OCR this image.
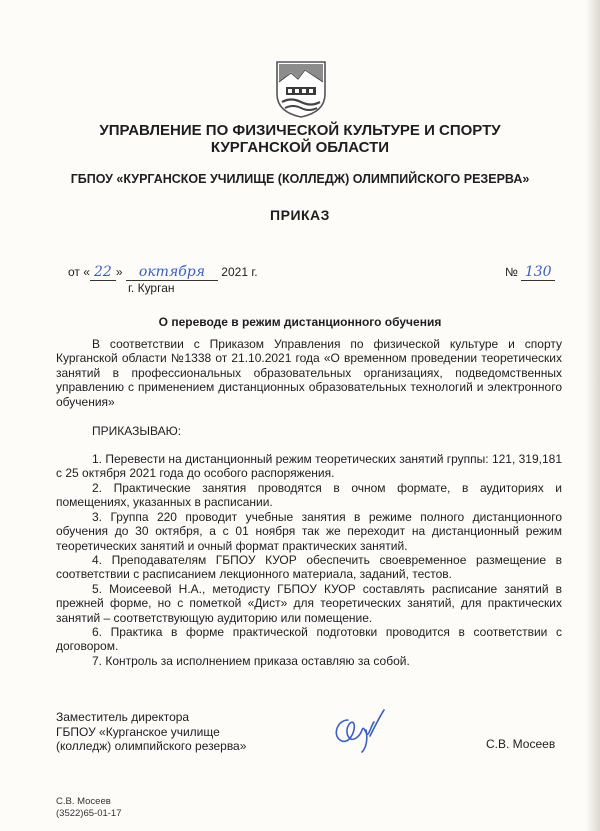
УПРАВЛЕНИЕ ПО ФИЗИЧЕСКОЙ КУЛЬТУРЕ И СПОРТУ
КУРГАНСКОЙ ОБЛАСТИ
ГБПОУ «КУРГАНСКОЕ УЧИЛИЩЕ (КОЛЛЕДЖ) ОЛИМПИЙСКОГО РЕЗЕРВА»
ПРИКАЗ
от « 22 » октября 2021 г.	№ 130
г. Курган
О переводе в режим дистанционного обучения

В соответствии с Приказом Управления по физической культуре и спорту Курганской области №1338 от 21.10.2021 года «О временном проведении теоретических занятий в профессиональных образовательных организациях, подведомственных управлению с применением дистанционных образовательных технологий и электронного обучения»

ПРИКАЗЫВАЮ:

1. Перевести на дистанционный режим теоретических занятий группы: 121, 319,181 с 25 октября 2021 года до особого распоряжения.

2. Практические занятия проводятся в очном формате, в аудиториях и помещениях, указанных в расписании.

3. Группа 220 проводит учебные занятия в режиме полного дистанционного обучения до 30 октября, а с 01 ноября так же переходит на дистанционный режим теоретических занятий и очный формат практических занятий.

4. Преподавателям ГБПОУ КУОР обеспечить своевременное размещение в соответствии с расписанием лекционного материала, заданий, тестов.

5. Моисеевой Н.А., методисту ГБПОУ КУОР составлять расписание занятий в прежней форме, но с пометкой «Дист» для теоретических занятий, для практических занятий – соответствующую аудиторию или помещение.

6. Практика в форме практической подготовки проводится в соответствии с договором.

7. Контроль за исполнением приказа оставляю за собой.

Заместитель директора
ГБПОУ «Курганское училище
(колледж) олимпийского резерва»	С.В. Мосеев
С.В. Мосеев
(3522)65-01-17
